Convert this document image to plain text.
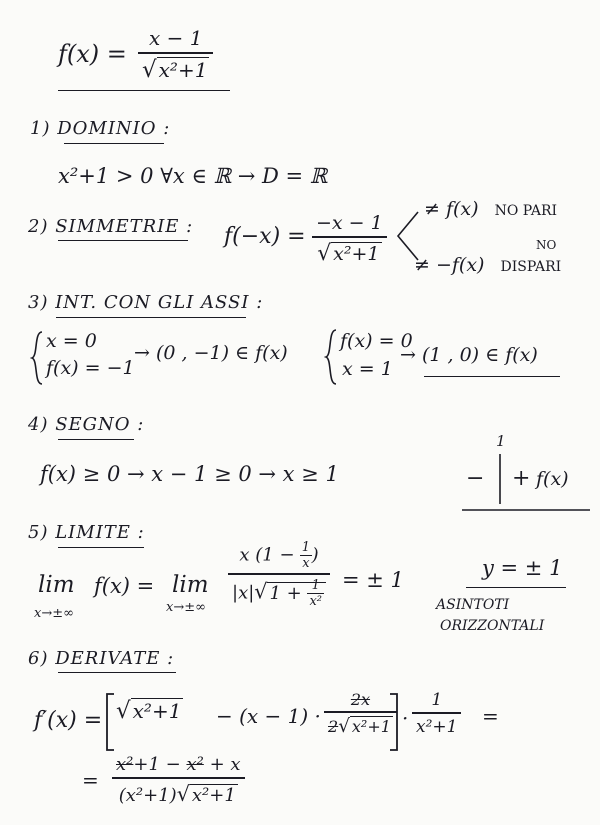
f(x) =
x − 1
√ x²+1
1) DOMINIO :
x²+1 > 0 ∀x ∈ ℝ → D = ℝ
2) SIMMETRIE : f(−x) =
−x − 1
√ x²+1
≠ f(x) NO PARI
NO
≠ −f(x) DISPARI
3) INT. CON GLI ASSI :
x = 0
f(x) = −1
→ (0 , −1) ∈ f(x)
f(x) = 0
x = 1
→ (1 , 0) ∈ f(x)
4) SEGNO :
f(x) ≥ 0 → x − 1 ≥ 0 → x ≥ 1
1
− + f(x)
5) LIMITE :
lim
x→±∞
f(x) = lim
x→±∞
x ($1 - \frac{1}{x}$ )
|x|√ $1 + \frac{1}{\text{x²}}$ = ± 1	y = ± 1
ASINTOTI
ORIZZONTALI
6) DERIVATE :
f′(x) = √ x²+1 − (x − 1) ·
2x
2√ x²+1 ·
1
x²+1 =
=
x²+1 − x² + x
(x²+1)√ x²+1
